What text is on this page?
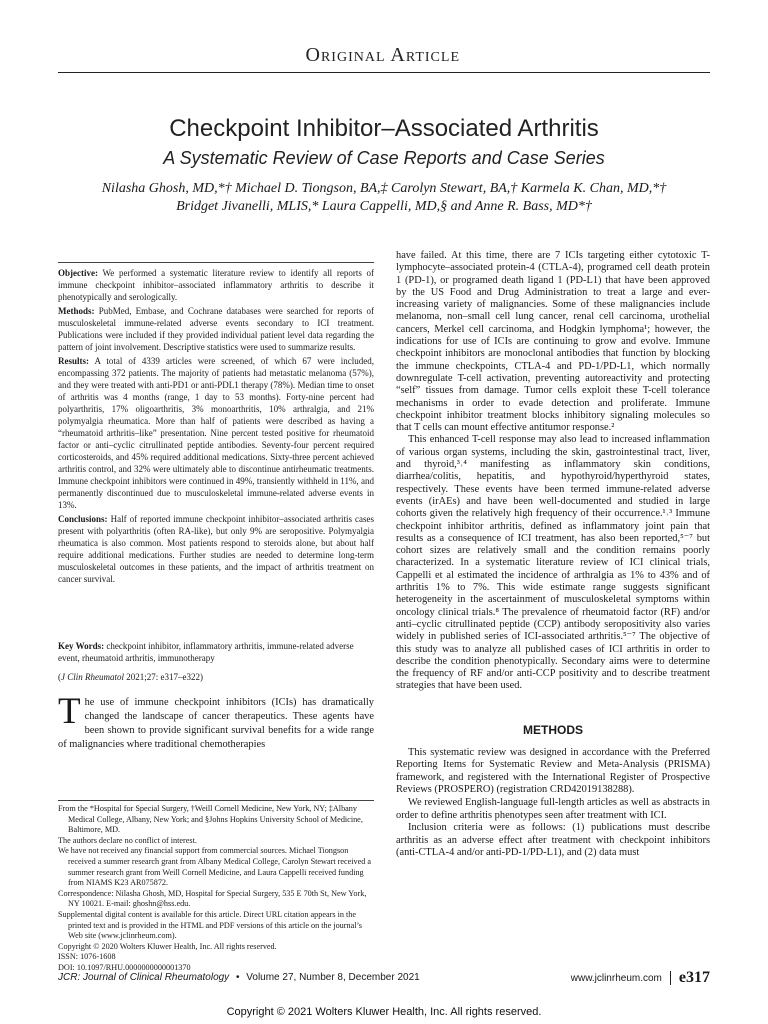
Original Article
Checkpoint Inhibitor–Associated Arthritis
A Systematic Review of Case Reports and Case Series
Nilasha Ghosh, MD,*† Michael D. Tiongson, BA,‡ Carolyn Stewart, BA,† Karmela K. Chan, MD,*†
Bridget Jivanelli, MLIS,* Laura Cappelli, MD,§ and Anne R. Bass, MD*†

Objective: We performed a systematic literature review to identify all reports of immune checkpoint inhibitor–associated inflammatory arthritis to describe it phenotypically and serologically.

Methods: PubMed, Embase, and Cochrane databases were searched for reports of musculoskeletal immune-related adverse events secondary to ICI treatment. Publications were included if they provided individual patient level data regarding the pattern of joint involvement. Descriptive statistics were used to summarize results.

Results: A total of 4339 articles were screened, of which 67 were included, encompassing 372 patients. The majority of patients had metastatic melanoma (57%), and they were treated with anti-PD1 or anti-PDL1 therapy (78%). Median time to onset of arthritis was 4 months (range, 1 day to 53 months). Forty-nine percent had polyarthritis, 17% oligoarthritis, 3% monoarthritis, 10% arthralgia, and 21% polymyalgia rheumatica. More than half of patients were described as having a “rheumatoid arthritis–like” presentation. Nine percent tested positive for rheumatoid factor or anti–cyclic citrullinated peptide antibodies. Seventy-four percent required corticosteroids, and 45% required additional medications. Sixty-three percent achieved arthritis control, and 32% were ultimately able to discontinue antirheumatic treatments. Immune checkpoint inhibitors were continued in 49%, transiently withheld in 11%, and permanently discontinued due to musculoskeletal immune-related adverse events in 13%.

Conclusions: Half of reported immune checkpoint inhibitor–associated arthritis cases present with polyarthritis (often RA-like), but only 9% are seropositive. Polymyalgia rheumatica is also common. Most patients respond to steroids alone, but about half require additional medications. Further studies are needed to determine long-term musculoskeletal outcomes in these patients, and the impact of arthritis treatment on cancer survival.

Key Words: checkpoint inhibitor, inflammatory arthritis, immune-related adverse event, rheumatoid arthritis, immunotherapy

(J Clin Rheumatol 2021;27: e317–e322)

The use of immune checkpoint inhibitors (ICIs) has dramatically changed the landscape of cancer therapeutics. These agents have been shown to provide significant survival benefits for a wide range of malignancies where traditional chemotherapies

From the *Hospital for Special Surgery, †Weill Cornell Medicine, New York, NY; ‡Albany Medical College, Albany, New York; and §Johns Hopkins University School of Medicine, Baltimore, MD.

The authors declare no conflict of interest.

We have not received any financial support from commercial sources. Michael Tiongson received a summer research grant from Albany Medical College, Carolyn Stewart received a summer research grant from Weill Cornell Medicine, and Laura Cappelli received funding from NIAMS K23 AR075872.

Correspondence: Nilasha Ghosh, MD, Hospital for Special Surgery, 535 E 70th St, New York, NY 10021. E-mail: ghoshn@hss.edu.

Supplemental digital content is available for this article. Direct URL citation appears in the printed text and is provided in the HTML and PDF versions of this article on the journal’s Web site (www.jclinrheum.com).

Copyright © 2020 Wolters Kluwer Health, Inc. All rights reserved.

ISSN: 1076-1608

DOI: 10.1097/RHU.0000000000001370

have failed. At this time, there are 7 ICIs targeting either cytotoxic T-lymphocyte–associated protein-4 (CTLA-4), programed cell death protein 1 (PD-1), or programed death ligand 1 (PD-L1) that have been approved by the US Food and Drug Administration to treat a large and ever-increasing variety of malignancies. Some of these malignancies include melanoma, non–small cell lung cancer, renal cell carcinoma, urothelial cancers, Merkel cell carcinoma, and Hodgkin lymphoma¹; however, the indications for use of ICIs are continuing to grow and evolve. Immune checkpoint inhibitors are monoclonal antibodies that function by blocking the immune checkpoints, CTLA-4 and PD-1/PD-L1, which normally downregulate T-cell activation, preventing autoreactivity and protecting “self” tissues from damage. Tumor cells exploit these T-cell tolerance mechanisms in order to evade detection and proliferate. Immune checkpoint inhibitor treatment blocks inhibitory signaling molecules so that T cells can mount effective antitumor response.²

This enhanced T-cell response may also lead to increased inflammation of various organ systems, including the skin, gastrointestinal tract, liver, and thyroid,³˒⁴ manifesting as inflammatory skin conditions, diarrhea/colitis, hepatitis, and hypothyroid/hyperthyroid states, respectively. These events have been termed immune-related adverse events (irAEs) and have been well-documented and studied in large cohorts given the relatively high frequency of their occurrence.¹˒³ Immune checkpoint inhibitor arthritis, defined as inflammatory joint pain that results as a consequence of ICI treatment, has also been reported,⁵⁻⁷ but cohort sizes are relatively small and the condition remains poorly characterized. In a systematic literature review of ICI clinical trials, Cappelli et al estimated the incidence of arthralgia as 1% to 43% and of arthritis 1% to 7%. This wide estimate range suggests significant heterogeneity in the ascertainment of musculoskeletal symptoms within oncology clinical trials.⁸ The prevalence of rheumatoid factor (RF) and/or anti–cyclic citrullinated peptide (CCP) antibody seropositivity also varies widely in published series of ICI-associated arthritis.⁵⁻⁷ The objective of this study was to analyze all published cases of ICI arthritis in order to describe the condition phenotypically. Secondary aims were to determine the frequency of RF and/or anti-CCP positivity and to describe treatment strategies that have been used.

METHODS

This systematic review was designed in accordance with the Preferred Reporting Items for Systematic Review and Meta-Analysis (PRISMA) framework, and registered with the International Register of Prospective Reviews (PROSPERO) (registration CRD42019138288).

We reviewed English-language full-length articles as well as abstracts in order to define arthritis phenotypes seen after treatment with ICI.

Inclusion criteria were as follows: (1) publications must describe arthritis as an adverse effect after treatment with checkpoint inhibitors (anti-CTLA-4 and/or anti-PD-1/PD-L1), and (2) data must

JCR: Journal of Clinical Rheumatology • Volume 27, Number 8, December 2021	www.jclinrheum.com e317
Copyright © 2021 Wolters Kluwer Health, Inc. All rights reserved.
